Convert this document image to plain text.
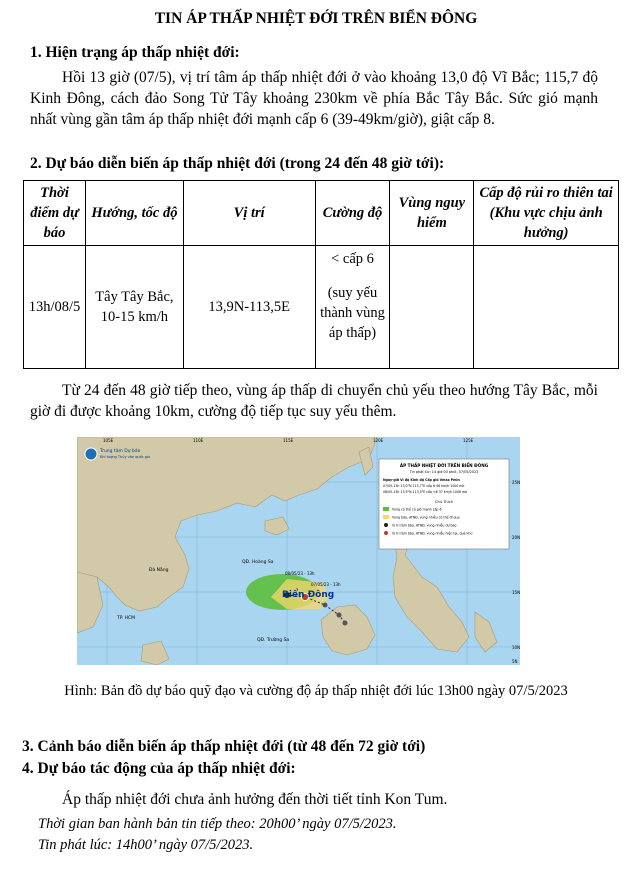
TIN ÁP THẤP NHIỆT ĐỚI TRÊN BIỂN ĐÔNG
1. Hiện trạng áp thấp nhiệt đới:
Hồi 13 giờ (07/5), vị trí tâm áp thấp nhiệt đới ở vào khoảng 13,0 độ Vĩ Bắc; 115,7 độ Kinh Đông, cách đảo Song Tử Tây khoảng 230km về phía Bắc Tây Bắc. Sức gió mạnh nhất vùng gần tâm áp thấp nhiệt đới mạnh cấp 6 (39-49km/giờ), giật cấp 8.
2. Dự báo diễn biến áp thấp nhiệt đới (trong 24 đến 48 giờ tới):
Thời điểm dự báo	Hướng, tốc độ	Vị trí	Cường độ	Vùng nguy hiểm	Cấp độ rủi ro thiên tai (Khu vực chịu ảnh hưởng)
13h/08/5	Tây Tây Bắc, 10-15 km/h	13,9N-113,5E	< cấp 6
(suy yếu thành vùng áp thấp)		

Từ 24 đến 48 giờ tiếp theo, vùng áp thấp di chuyển chủ yếu theo hướng Tây Bắc, mỗi giờ đi được khoảng 10km, cường độ tiếp tục suy yếu thêm.
Biển Đông
QĐ. Hoàng Sa
QĐ. Trường Sa
Đà Nẵng
TP. HCM
08/05/23 - 13h
07/05/23 - 13h
105E	110E	115E	120E	125E
25N
20N
15N
10N
5N
Trung tâm Dự báo
Khí tượng Thủy văn quốc gia
ÁP THẤP NHIỆT ĐỚI TRÊN BIỂN ĐÔNG
Tin phát lúc: 14 giờ 00 phút, 07/05/2023
Ngày-giờ Vĩ độ Kinh độ Cấp gió Vmax Pmin
07/05-13h 13,0°N 115,7°E cấp 6 46 km/h 1000 mb
08/05-13h 13,9°N 113,5°E cấp <6 37 km/h 1006 mb
Chú Thích
Vùng có thể có gió mạnh cấp 6
Vùng bão, ATNĐ, vùng nhiễu có thể đi qua
Vị trí tâm bão, ATNĐ, vùng nhiễu dự báo
Vị trí tâm bão, ATNĐ, vùng nhiễu hiện tại, quá khứ
Hình: Bản đồ dự báo quỹ đạo và cường độ áp thấp nhiệt đới lúc 13h00 ngày 07/5/2023
3. Cảnh báo diễn biến áp thấp nhiệt đới (từ 48 đến 72 giờ tới)
4. Dự báo tác động của áp thấp nhiệt đới:
Áp thấp nhiệt đới chưa ảnh hưởng đến thời tiết tỉnh Kon Tum.
Thời gian ban hành bản tin tiếp theo: 20h00’ ngày 07/5/2023.
Tin phát lúc: 14h00’ ngày 07/5/2023.
